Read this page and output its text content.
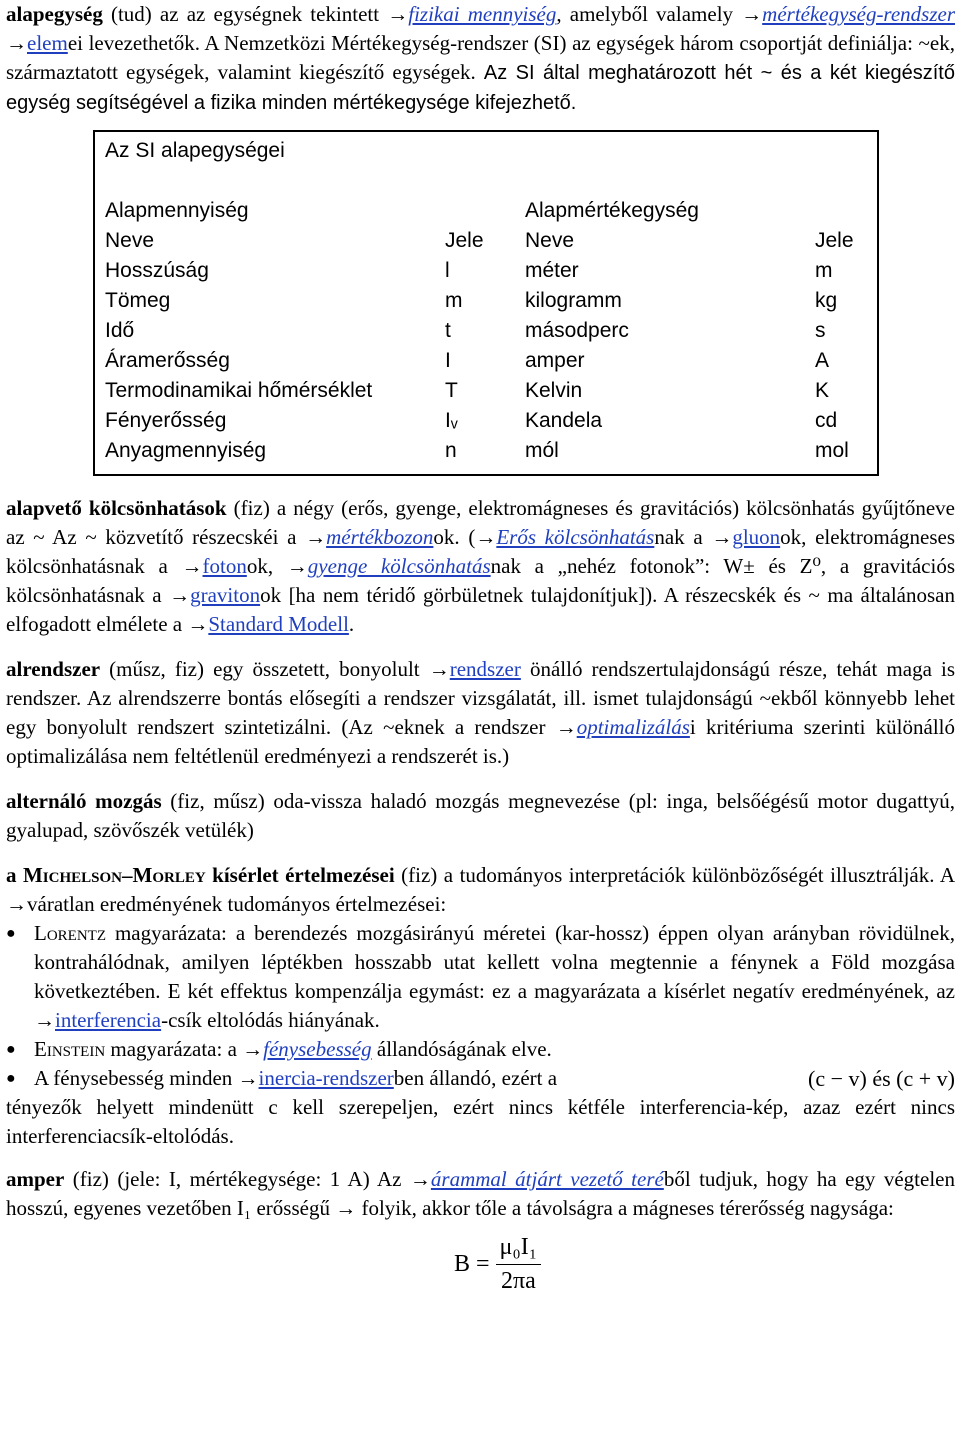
alapegység (tud) az az egységnek tekintett →fizikai mennyiség, amelyből valamely →mértékegység-rendszer →elemei levezethetők. A Nemzetközi Mértékegység-rendszer (SI) az egységek három csoportját definiálja: ~ek, származtatott egységek, valamint kiegészítő egységek. Az SI által meghatározott hét ~ és a két kiegészítő egység segítségével a fizika minden mértékegysége kifejezhető.

Az SI alapegységei			
Alapmennyiség		Alapmértékegység	
Neve	Jele	Neve	Jele
Hosszúság	l	méter	m
Tömeg	m	kilogramm	kg
Idő	t	másodperc	s
Áramerősség	I	amper	A
Termodinamikai hőmérséklet	T	Kelvin	K
Fényerősség	Iᵥ	Kandela	cd
Anyagmennyiség	n	mól	mol

alapvető kölcsönhatások (fiz) a négy (erős, gyenge, elektromágneses és gravitációs) kölcsönhatás gyűjtőneve az ~ Az ~ közvetítő részecskéi a →mértékbozonok. (→Erős kölcsönhatásnak a →gluonok, elektromágneses kölcsönhatásnak a →fotonok, →gyenge kölcsönhatásnak a „nehéz fotonok”: W± és Z⁰, a gravitációs kölcsönhatásnak a →gravitonok [ha nem téridő görbületnek tulajdonítjuk]). A részecskék és ~ ma általánosan elfogadott elmélete a →Standard Modell.

alrendszer (műsz, fiz) egy összetett, bonyolult →rendszer önálló rendszertulajdonságú része, tehát maga is rendszer. Az alrendszerre bontás elősegíti a rendszer vizsgálatát, ill. ismet tulajdonságú ~ekből könnyebb lehet egy bonyolult rendszert szintetizálni. (Az ~eknek a rendszer →optimalizálási kritériuma szerinti különálló optimalizálása nem feltétlenül eredményezi a rendszerét is.)

alternáló mozgás (fiz, műsz) oda-vissza haladó mozgás megnevezése (pl: inga, belsőégésű motor dugattyú, gyalupad, szövőszék vetülék)

a Michelson–Morley kísérlet értelmezései (fiz) a tudományos interpretációk különbözőségét illusztrálják. A →váratlan eredményének tudományos értelmezései:

● Lorentz magyarázata: a berendezés mozgásirányú méretei (kar-hossz) éppen olyan arányban rövidülnek, kontrahálódnak, amilyen léptékben hosszabb utat kellett volna megtennie a fénynek a Föld mozgása következtében. E két effektus kompenzálja egymást: ez a magyarázata a kísérlet negatív eredményének, az →interferencia-csík eltolódás hiányának.
● Einstein magyarázata: a →fénysebesség állandóságának elve.
● A fénysebesség minden →inercia-rendszerben állandó, ezért a	(c − v) és (c + v)

tényezők helyett mindenütt c kell szerepeljen, ezért nincs kétféle interferencia-kép, azaz ezért nincs interferenciacsík-eltolódás.

amper (fiz) (jele: I, mértékegysége: 1 A) Az →árammal átjárt vezető teréből tudjuk, hogy ha egy végtelen hosszú, egyenes vezetőben I₁ erősségű → folyik, akkor tőle a távolságra a mágneses térerősség nagysága:

$B = \frac{\text{μ₀I₁}}{2\pi a}$
